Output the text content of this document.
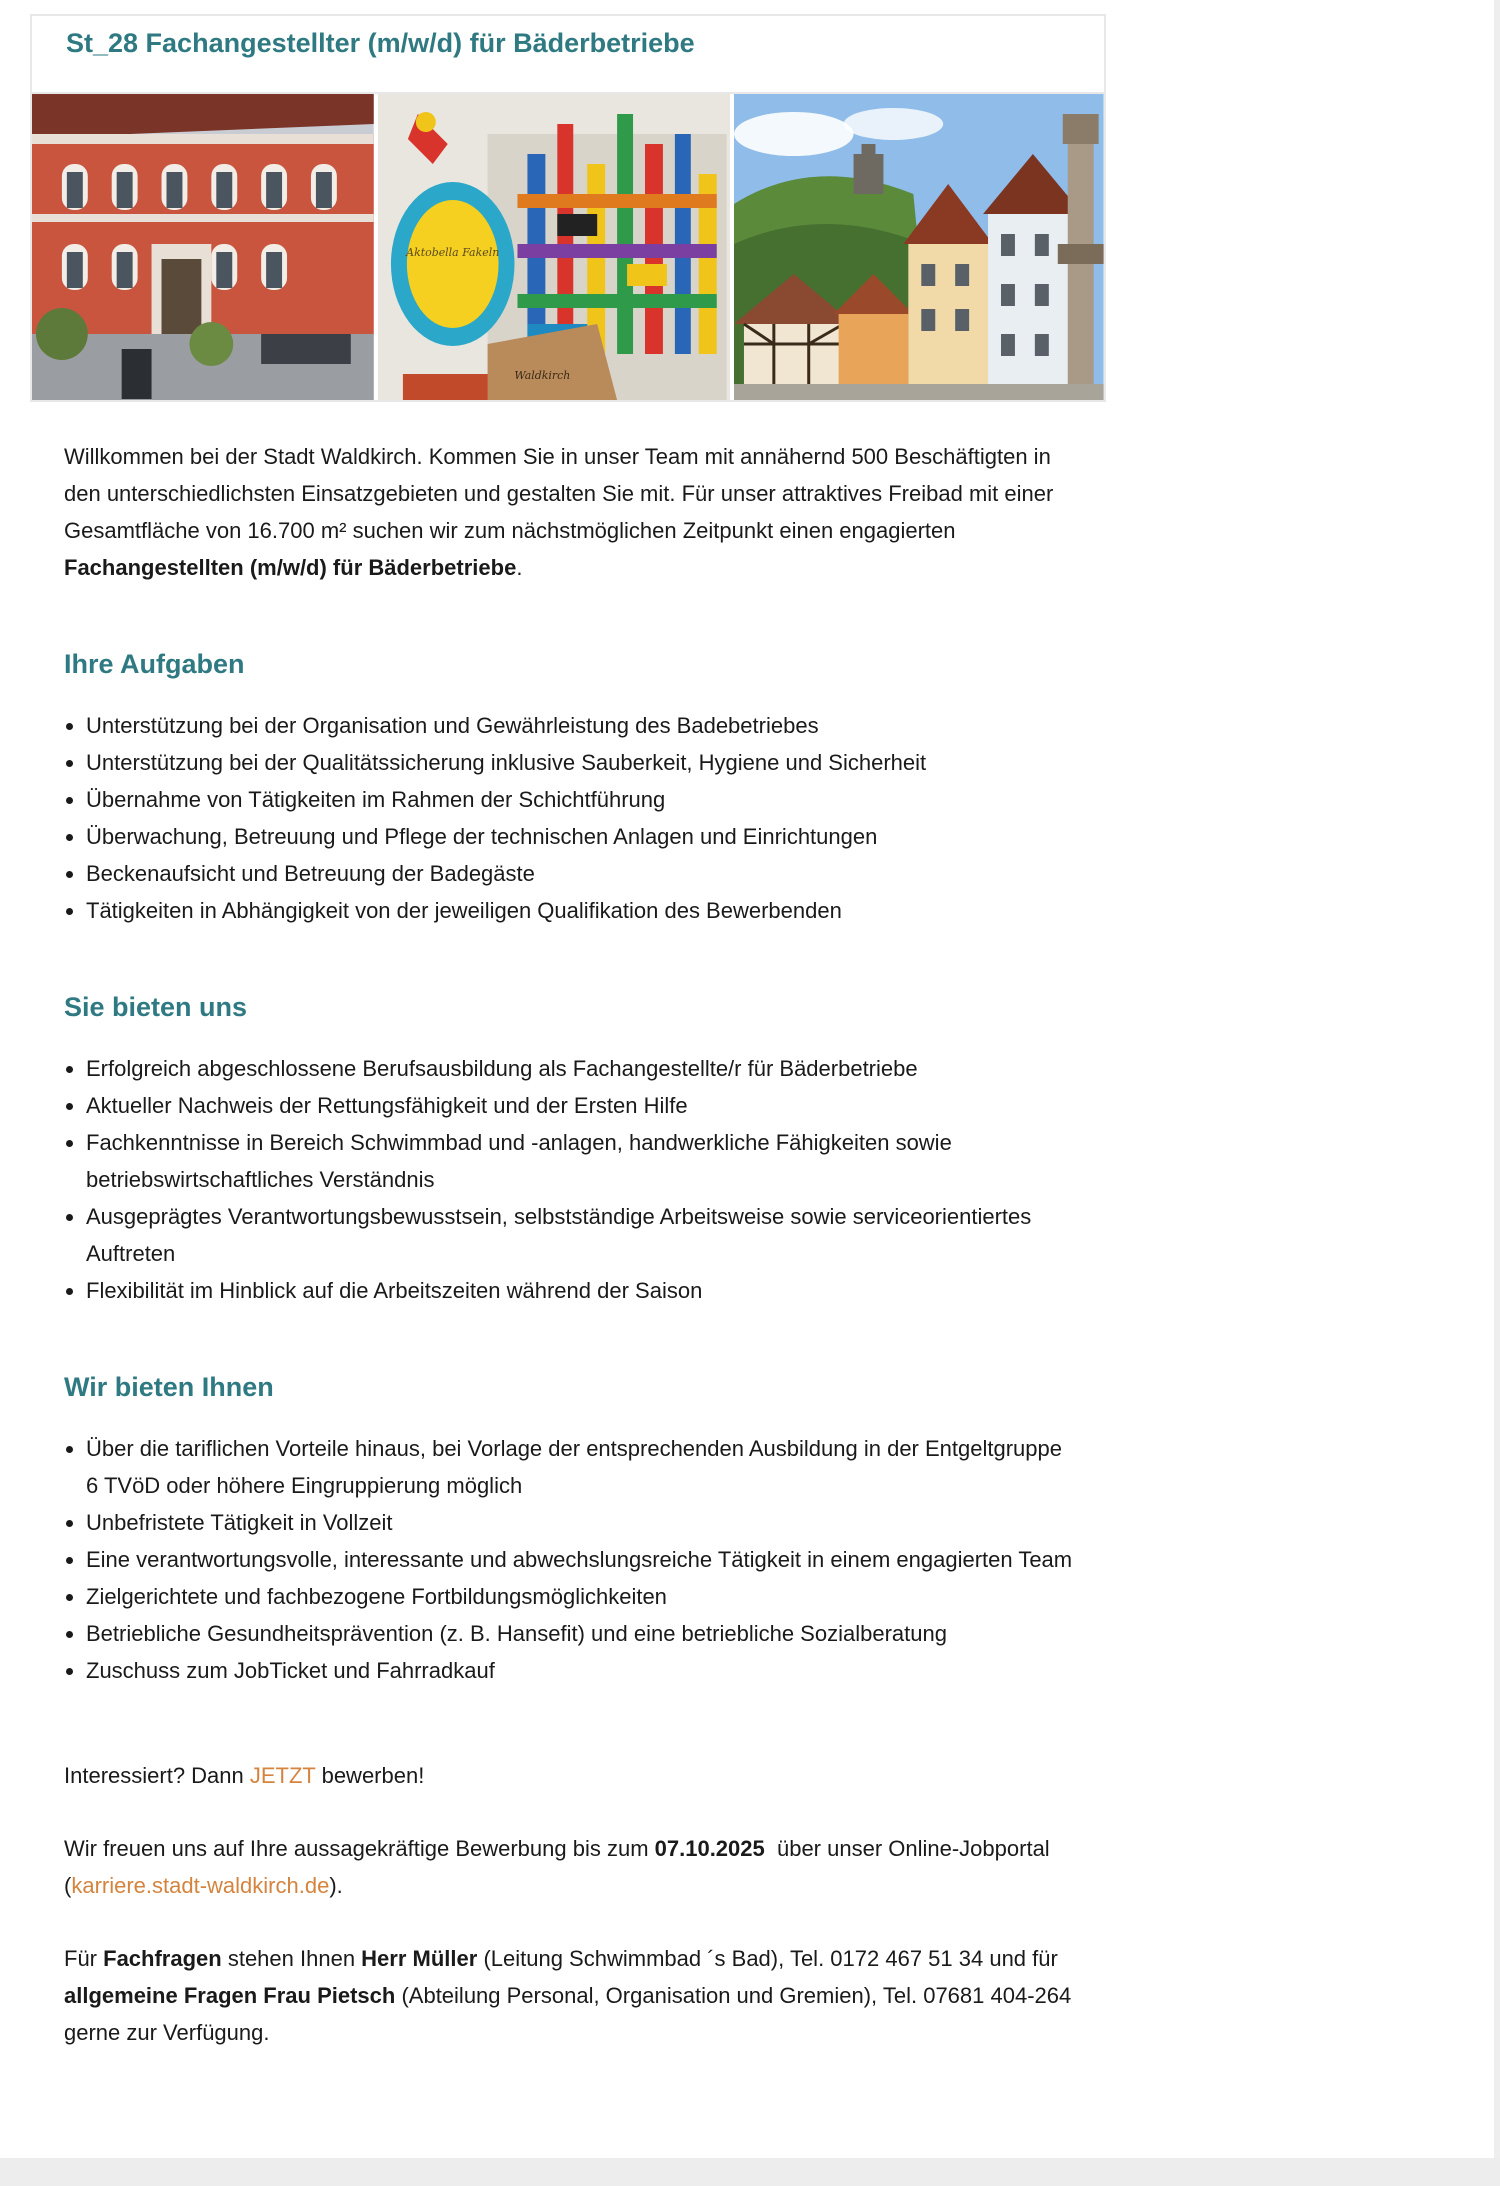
St_28 Fachangestellter (m/w/d) für Bäderbetriebe
Aktobella Fakeln
Waldkirch

Willkommen bei der Stadt Waldkirch. Kommen Sie in unser Team mit annähernd 500 Beschäftigten in den unterschiedlichsten Einsatzgebieten und gestalten Sie mit. Für unser attraktives Freibad mit einer Gesamtfläche von 16.700 m² suchen wir zum nächstmöglichen Zeitpunkt einen engagierten Fachangestellten (m/w/d) für Bäderbetriebe.

Ihre Aufgaben
• Unterstützung bei der Organisation und Gewährleistung des Badebetriebes
• Unterstützung bei der Qualitätssicherung inklusive Sauberkeit, Hygiene und Sicherheit
• Übernahme von Tätigkeiten im Rahmen der Schichtführung
• Überwachung, Betreuung und Pflege der technischen Anlagen und Einrichtungen
• Beckenaufsicht und Betreuung der Badegäste
• Tätigkeiten in Abhängigkeit von der jeweiligen Qualifikation des Bewerbenden
Sie bieten uns
• Erfolgreich abgeschlossene Berufsausbildung als Fachangestellte/r für Bäderbetriebe
• Aktueller Nachweis der Rettungsfähigkeit und der Ersten Hilfe
• Fachkenntnisse in Bereich Schwimmbad und -anlagen, handwerkliche Fähigkeiten sowie betriebswirtschaftliches Verständnis
• Ausgeprägtes Verantwortungsbewusstsein, selbstständige Arbeitsweise sowie serviceorientiertes Auftreten
• Flexibilität im Hinblick auf die Arbeitszeiten während der Saison
Wir bieten Ihnen
• Über die tariflichen Vorteile hinaus, bei Vorlage der entsprechenden Ausbildung in der Entgeltgruppe 6 TVöD oder höhere Eingruppierung möglich
• Unbefristete Tätigkeit in Vollzeit
• Eine verantwortungsvolle, interessante und abwechslungsreiche Tätigkeit in einem engagierten Team
• Zielgerichtete und fachbezogene Fortbildungsmöglichkeiten
• Betriebliche Gesundheitsprävention (z. B. Hansefit) und eine betriebliche Sozialberatung
• Zuschuss zum JobTicket und Fahrradkauf

Interessiert? Dann JETZT bewerben!

Wir freuen uns auf Ihre aussagekräftige Bewerbung bis zum 07.10.2025  über unser Online-Jobportal (karriere.stadt-waldkirch.de).

Für Fachfragen stehen Ihnen Herr Müller (Leitung Schwimmbad ´s Bad), Tel. 0172 467 51 34 und für allgemeine Fragen Frau Pietsch (Abteilung Personal, Organisation und Gremien), Tel. 07681 404-264 gerne zur Verfügung.
